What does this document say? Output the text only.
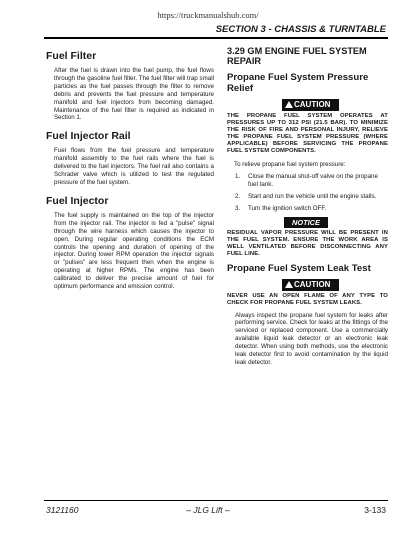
https://truckmanualshub.com/
SECTION 3 - CHASSIS & TURNTABLE
Fuel Filter

After the fuel is drawn into the fuel pump, the fuel flows through the gasoline fuel filter. The fuel filter will trap small particles as the fuel passes through the filter to remove debris and prevents the fuel pressure and temperature manifold and fuel injectors from becoming damaged. Maintenance of the fuel filter is required as indicated in Section 1.

Fuel Injector Rail

Fuel flows from the fuel pressure and temperature manifold assembly to the fuel rails where the fuel is delivered to the fuel injectors. The fuel rail also contains a Schrader valve which is utilized to test the regulated pressure of the fuel system.

Fuel Injector

The fuel supply is maintained on the top of the injector from the injector rail. The injector is fed a "pulse" signal through the wire harness which causes the injector to open. During regular operating conditions the ECM controls the opening and duration of opening of the injector. During lower RPM operation the injector signals or "pulses" are less frequent then when the engine is operating at higher RPMs. The engine has been calibrated to deliver the precise amount of fuel for optimum performance and emission control.

3.29 GM ENGINE FUEL SYSTEM REPAIR
Propane Fuel System Pressure Relief
CAUTION

THE PROPANE FUEL SYSTEM OPERATES AT PRESSURES UP TO 312 PSI (21.5 BAR). TO MINIMIZE THE RISK OF FIRE AND PERSONAL INJURY, RELIEVE THE PROPANE FUEL SYSTEM PRESSURE (WHERE APPLICABLE) BEFORE SERVICING THE PROPANE FUEL SYSTEM COMPONENTS.

To relieve propane fuel system pressure:

1. Close the manual shut-off valve on the propane fuel tank.
2. Start and run the vehicle until the engine stalls.
3. Turn the ignition switch OFF.
NOTICE

RESIDUAL VAPOR PRESSURE WILL BE PRESENT IN THE FUEL SYSTEM. ENSURE THE WORK AREA IS WELL VENTILATED BEFORE DISCONNECTING ANY FUEL LINE.

Propane Fuel System Leak Test
CAUTION

NEVER USE AN OPEN FLAME OF ANY TYPE TO CHECK FOR PROPANE FUEL SYSTEM LEAKS.

Always inspect the propane fuel system for leaks after performing service. Check for leaks at the fittings of the serviced or replaced component. Use a commercially available liquid leak detector or an electronic leak detector. When using both methods, use the electronic leak detector first to avoid contamination by the liquid leak detector.

3121160	– JLG Lift –	3-133
